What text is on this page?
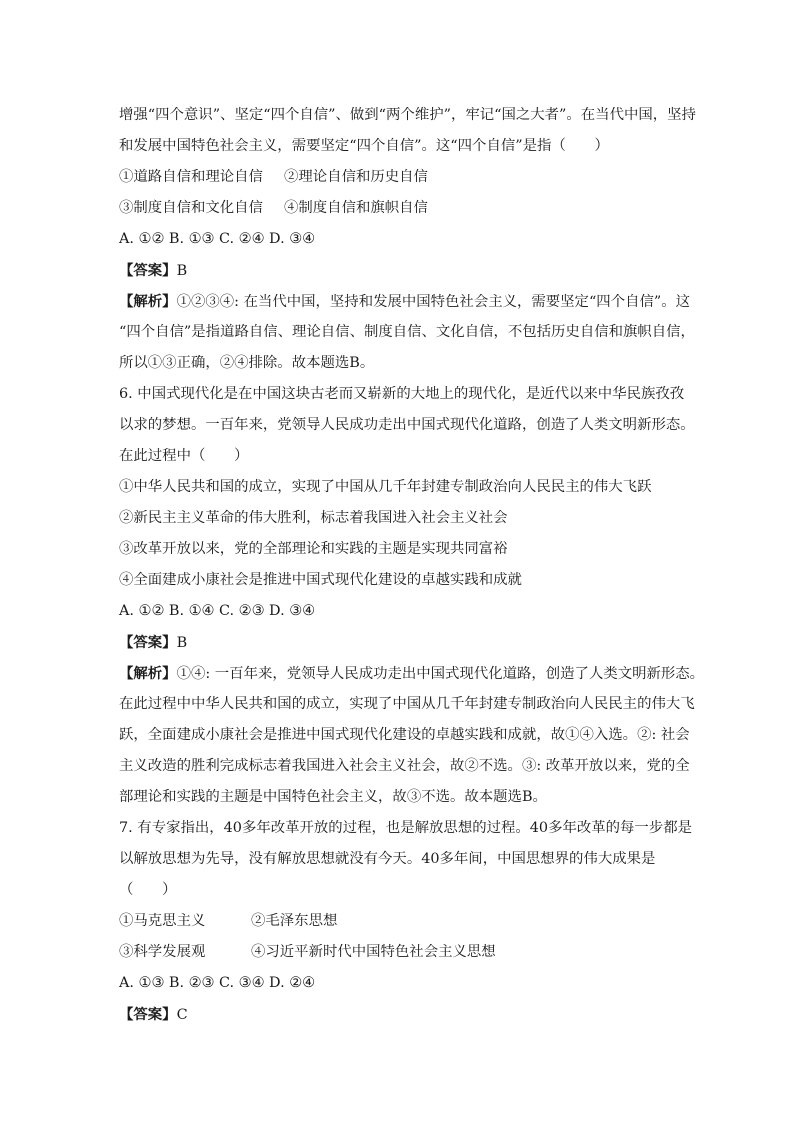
增强“四个意识”、坚定“四个自信”、做到“两个维护”，牢记“国之大者”。在当代中国，坚持
和发展中国特色社会主义，需要坚定“四个自信”。这“四个自信”是指（　　）
①道路自信和理论自信	②理论自信和历史自信
③制度自信和文化自信	④制度自信和旗帜自信
A. ①② B. ①③ C. ②④ D. ③④
【答案】B
【解析】①②③④: 在当代中国，坚持和发展中国特色社会主义，需要坚定“四个自信”。这
“四个自信”是指道路自信、理论自信、制度自信、文化自信，不包括历史自信和旗帜自信，
所以①③正确，②④排除。故本题选B。
6. 中国式现代化是在中国这块古老而又崭新的大地上的现代化，是近代以来中华民族孜孜
以求的梦想。一百年来，党领导人民成功走出中国式现代化道路，创造了人类文明新形态。
在此过程中（　　）
①中华人民共和国的成立，实现了中国从几千年封建专制政治向人民民主的伟大飞跃
②新民主主义革命的伟大胜利，标志着我国进入社会主义社会
③改革开放以来，党的全部理论和实践的主题是实现共同富裕
④全面建成小康社会是推进中国式现代化建设的卓越实践和成就
A. ①② B. ①④ C. ②③ D. ③④
【答案】B
【解析】①④: 一百年来，党领导人民成功走出中国式现代化道路，创造了人类文明新形态。
在此过程中中华人民共和国的成立，实现了中国从几千年封建专制政治向人民民主的伟大飞
跃，全面建成小康社会是推进中国式现代化建设的卓越实践和成就，故①④入选。②: 社会
主义改造的胜利完成标志着我国进入社会主义社会，故②不选。③: 改革开放以来，党的全
部理论和实践的主题是中国特色社会主义，故③不选。故本题选B。
7. 有专家指出，40多年改革开放的过程，也是解放思想的过程。40多年改革的每一步都是
以解放思想为先导，没有解放思想就没有今天。40多年间，中国思想界的伟大成果是
（　　）
①马克思主义	②毛泽东思想
③科学发展观	④习近平新时代中国特色社会主义思想
A. ①③ B. ②③ C. ③④ D. ②④
【答案】C
